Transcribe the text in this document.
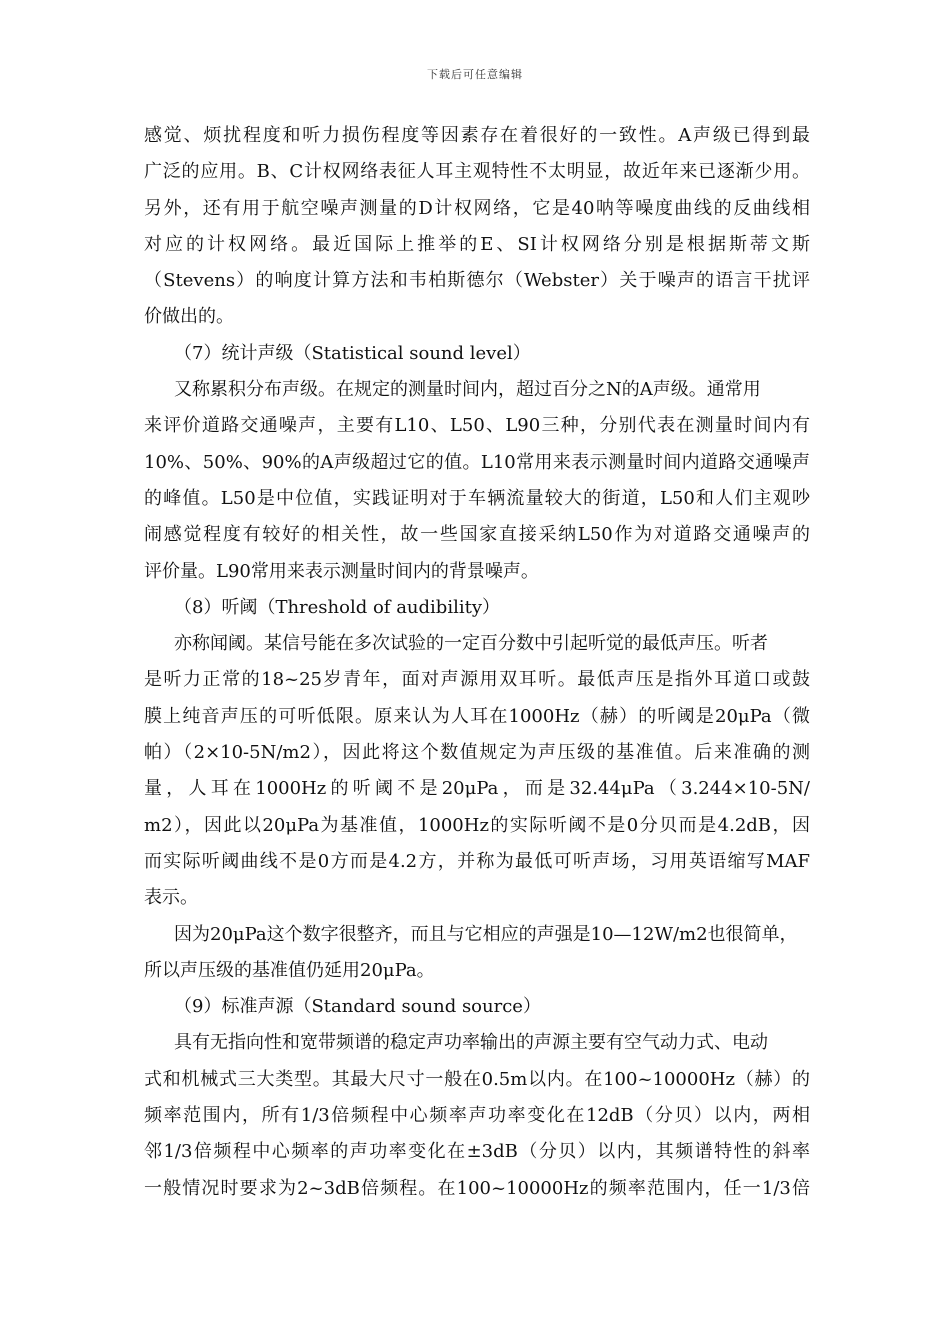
下载后可任意编辑
感觉、烦扰程度和听力损伤程度等因素存在着很好的一致性。A声级已得到最
广泛的应用。B、C计权网络表征人耳主观特性不太明显，故近年来已逐渐少用。
另外，还有用于航空噪声测量的D计权网络，它是40呐等噪度曲线的反曲线相
对应的计权网络。最近国际上推举的E、SI计权网络分别是根据斯蒂文斯
（Stevens）的响度计算方法和韦柏斯德尔（Webster）关于噪声的语言干扰评
价做出的。
（7）统计声级（Statistical sound level）
又称累积分布声级。在规定的测量时间内，超过百分之N的A声级。通常用
来评价道路交通噪声，主要有L10、L50、L90三种，分别代表在测量时间内有
10%、50%、90%的A声级超过它的值。L10常用来表示测量时间内道路交通噪声
的峰值。L50是中位值，实践证明对于车辆流量较大的街道，L50和人们主观吵
闹感觉程度有较好的相关性，故一些国家直接采纳L50作为对道路交通噪声的
评价量。L90常用来表示测量时间内的背景噪声。
（8）听阈（Threshold of audibility）
亦称闻阈。某信号能在多次试验的一定百分数中引起听觉的最低声压。听者
是听力正常的18~25岁青年，面对声源用双耳听。最低声压是指外耳道口或鼓
膜上纯音声压的可听低限。原来认为人耳在1000Hz（赫）的听阈是20μPa（微
帕）（2×10-5N/m2），因此将这个数值规定为声压级的基准值。后来准确的测
量，人耳在1000Hz的听阈不是20μPa，而是32.44μPa（3.244×10-5N/
m2），因此以20μPa为基准值，1000Hz的实际听阈不是0分贝而是4.2dB，因
而实际听阈曲线不是0方而是4.2方，并称为最低可听声场，习用英语缩写MAF
表示。
因为20μPa这个数字很整齐，而且与它相应的声强是10—12W/m2也很简单，
所以声压级的基准值仍延用20μPa。
（9）标准声源（Standard sound source）
具有无指向性和宽带频谱的稳定声功率输出的声源主要有空气动力式、电动
式和机械式三大类型。其最大尺寸一般在0.5m以内。在100~10000Hz（赫）的
频率范围内，所有1/3倍频程中心频率声功率变化在12dB（分贝）以内，两相
邻1/3倍频程中心频率的声功率变化在±3dB（分贝）以内，其频谱特性的斜率
一般情况时要求为2~3dB倍频程。在100~10000Hz的频率范围内，任一1/3倍
